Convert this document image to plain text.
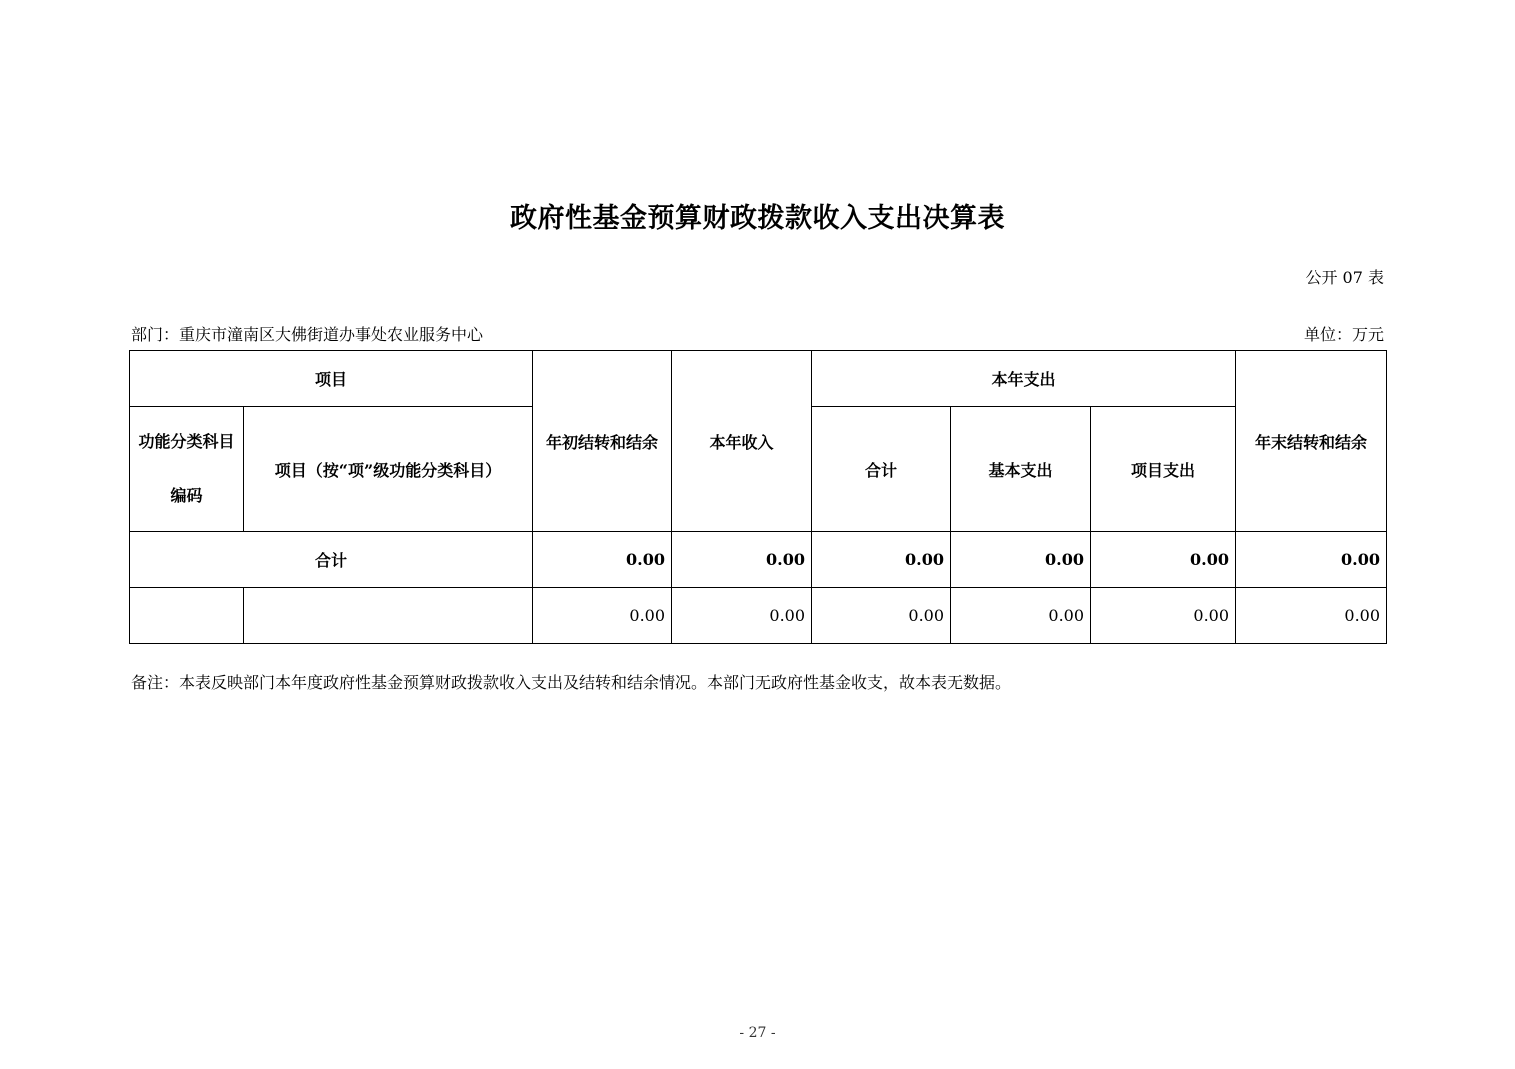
政府性基金预算财政拨款收入支出决算表
公开 07 表
部门：重庆市潼南区大佛街道办事处农业服务中心	单位：万元
项目		年初结转和结余	本年收入	本年支出			年末结转和结余
功能分类科目
编码	项目（按“项”级功能分类科目）			合计	基本支出	项目支出	
合计		0.00	0.00	0.00	0.00	0.00	0.00
		0.00	0.00	0.00	0.00	0.00	0.00
备注：本表反映部门本年度政府性基金预算财政拨款收入支出及结转和结余情况。本部门无政府性基金收支，故本表无数据。
- 27 -
